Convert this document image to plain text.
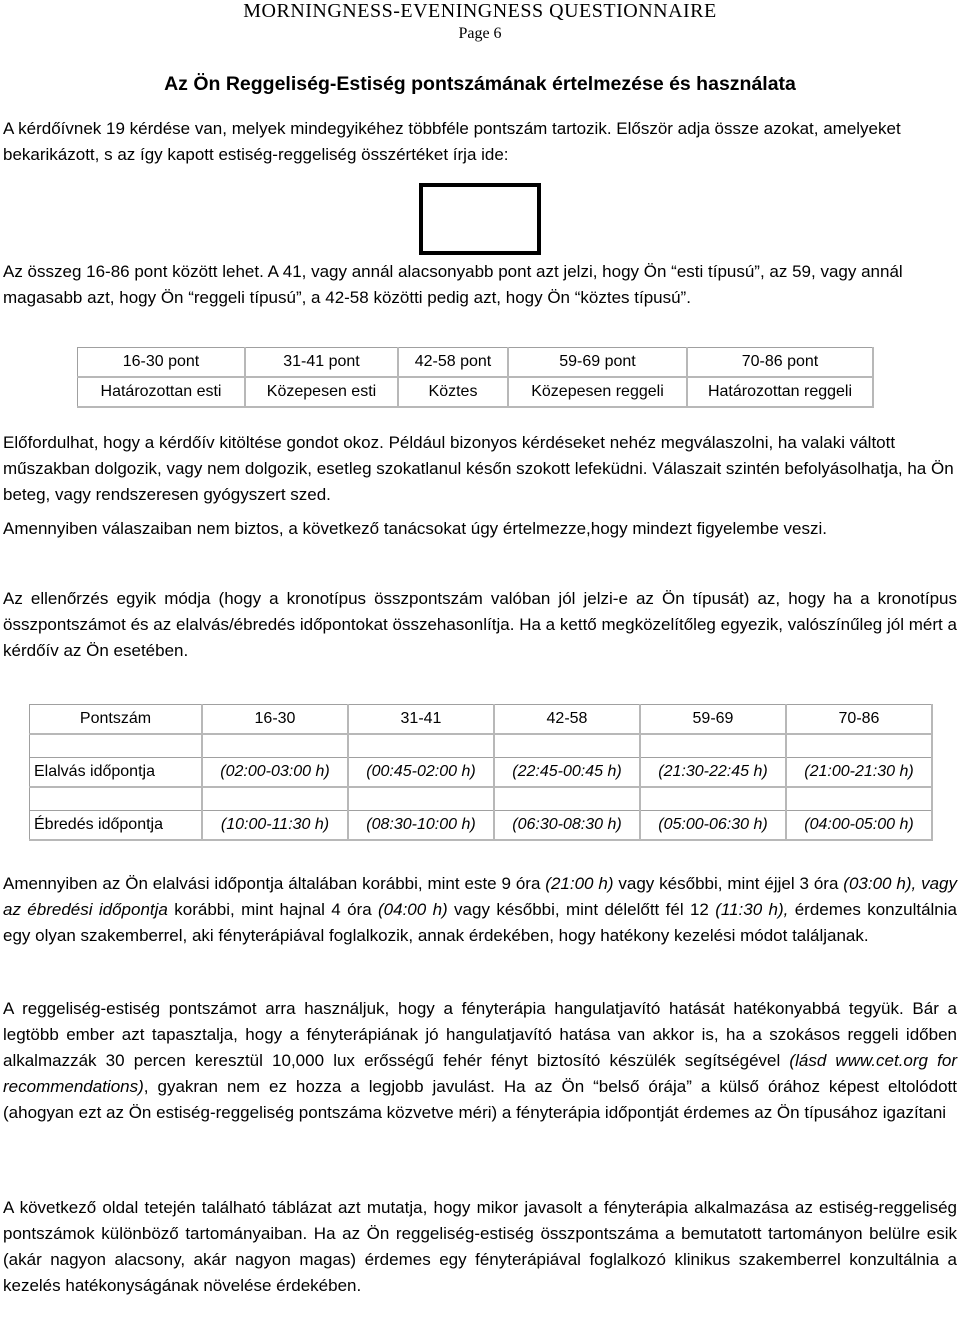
MORNINGNESS-EVENINGNESS QUESTIONNAIRE
Page 6
Az Ön Reggeliség-Estiség pontszámának értelmezése és használata

A kérdőívnek 19 kérdése van, melyek mindegyikéhez többféle pontszám tartozik. Először adja össze azokat, amelyeket bekarikázott, s az így kapott estiség-reggeliség összértéket írja ide:

Az összeg 16-86 pont között lehet. A 41, vagy annál alacsonyabb pont azt jelzi, hogy Ön “esti típusú”, az 59, vagy annál magasabb azt, hogy Ön “reggeli típusú”, a 42-58 közötti pedig azt, hogy Ön “köztes típusú”.

16-30 pont	31-41 pont	42-58 pont	59-69 pont	70-86 pont
Határozottan esti	Közepesen esti	Köztes	Közepesen reggeli	Határozottan reggeli

Előfordulhat, hogy a kérdőív kitöltése gondot okoz. Például bizonyos kérdéseket nehéz megválaszolni, ha valaki váltott műszakban dolgozik, vagy nem dolgozik, esetleg szokatlanul későn szokott lefeküdni. Válaszait szintén befolyásolhatja, ha Ön beteg, vagy rendszeresen gyógyszert szed.

Amennyiben válaszaiban nem biztos, a következő tanácsokat úgy értelmezze,hogy mindezt figyelembe veszi.

Az ellenőrzés egyik módja (hogy a kronotípus összpontszám valóban jól jelzi-e az Ön típusát) az, hogy ha a kronotípus összpontszámot és az elalvás/ébredés időpontokat összehasonlítja. Ha a kettő megközelítőleg egyezik, valószínűleg jól mért a kérdőív az Ön esetében.

Pontszám	16-30	31-41	42-58	59-69	70-86

Elalvás időpontja	(02:00-03:00 h)	(00:45-02:00 h)	(22:45-00:45 h)	(21:30-22:45 h)	(21:00-21:30 h)

Ébredés időpontja	(10:00-11:30 h)	(08:30-10:00 h)	(06:30-08:30 h)	(05:00-06:30 h)	(04:00-05:00 h)

Amennyiben az Ön elalvási időpontja általában korábbi, mint este 9 óra (21:00 h) vagy későbbi, mint éjjel 3 óra (03:00 h), vagy az ébredési időpontja korábbi, mint hajnal 4 óra (04:00 h) vagy későbbi, mint délelőtt fél 12 (11:30 h), érdemes konzultálnia egy olyan szakemberrel, aki fényterápiával foglalkozik, annak érdekében, hogy hatékony kezelési módot találjanak.

A reggeliség-estiség pontszámot arra használjuk, hogy a fényterápia hangulatjavító hatását hatékonyabbá tegyük. Bár a legtöbb ember azt tapasztalja, hogy a fényterápiának jó hangulatjavító hatása van akkor is, ha a szokásos reggeli időben alkalmazzák 30 percen keresztül 10,000 lux erősségű fehér fényt biztosító készülék segítségével (lásd www.cet.org for recommendations), gyakran nem ez hozza a legjobb javulást. Ha az Ön “belső órája” a külső órához képest eltolódott (ahogyan ezt az Ön estiség-reggeliség pontszáma közvetve méri) a fényterápia időpontját érdemes az Ön típusához igazítani

A következő oldal tetején található táblázat azt mutatja, hogy mikor javasolt a fényterápia alkalmazása az estiség-reggeliség pontszámok különböző tartományaiban. Ha az Ön reggeliség-estiség összpontszáma a bemutatott tartományon belülre esik (akár nagyon alacsony, akár nagyon magas) érdemes egy fényterápiával foglalkozó klinikus szakemberrel konzultálnia a kezelés hatékonyságának növelése érdekében.
